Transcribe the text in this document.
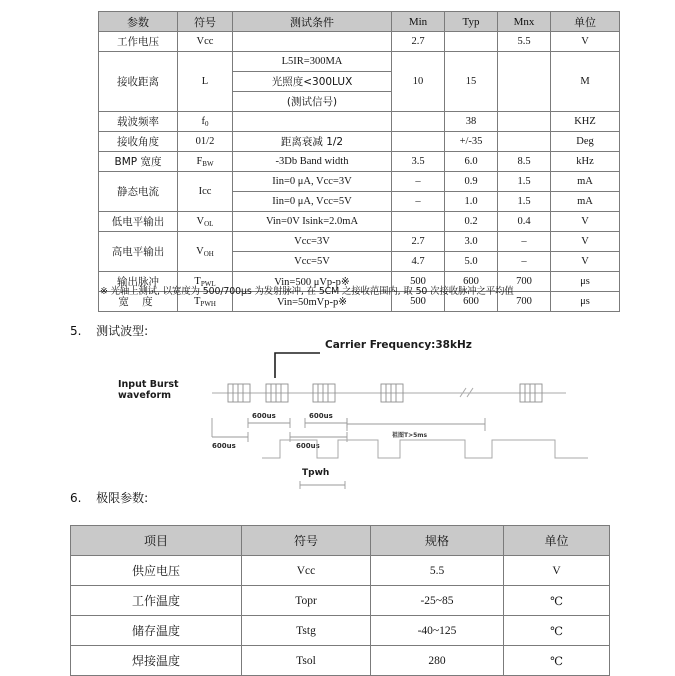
参数	符号	测试条件	Min	Typ	Mnx	单位
工作电压	Vcc		2.7		5.5	V
接收距离	L	L5IR=300MA	10	15		M
		光照度<300LUX				
		(测试信号)				
载波频率	$f_0$			38		KHZ
接收角度	01/2	距离衰减 1/2		+/-35		Deg
BMP 宽度	$F_{BW}$	-3Db Band width	3.5	6.0	8.5	kHz
静态电流	Icc	Iin=0 μA, Vcc=3V	–	0.9	1.5	mA
		Iin=0 μA, Vcc=5V	–	1.0	1.5	mA
低电平输出	$V_{OL}$	Vin=0V Isink=2.0mA		0.2	0.4	V
高电平输出	$V_{OH}$	Vcc=3V	2.7	3.0	–	V
		Vcc=5V	4.7	5.0	–	V
输出脉冲	$T_{PWL}$	Vin=500 μVp-p※	500	600	700	μs
宽 度	$T_{PWH}$	Vin=50mVp-p※	500	600	700	μs
※ 光轴上测试, 以宽度为 500/700μs 为发射脉冲, 在 5CM 之接收范围内, 取 50 次接收脉冲之平均值
5. 测试波型:
Input Burst
waveform
Carrier Frequency:38kHz
600us	600us
600us	600us
祖图T>5ms
Tpwh
6. 极限参数:
项目	符号	规格	单位
供应电压	Vcc	5.5	V
工作温度	Topr	-25~85	℃
储存温度	Tstg	-40~125	℃
焊接温度	Tsol	280	℃
